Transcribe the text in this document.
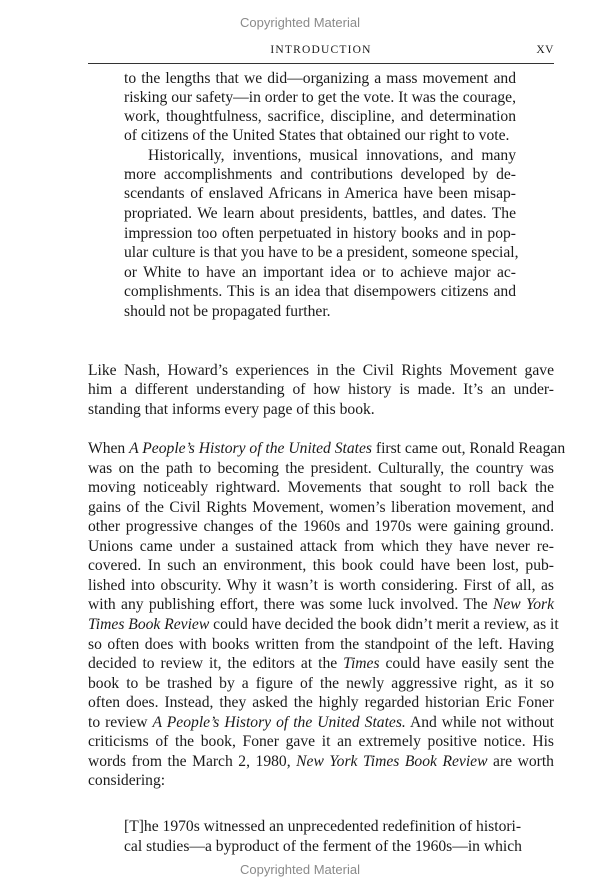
Copyrighted Material
INTRODUCTION	XV
to the lengths that we did—organizing a mass movement and
risking our safety—in order to get the vote. It was the courage,
work, thoughtfulness, sacrifice, discipline, and determination
of citizens of the United States that obtained our right to vote.
Historically, inventions, musical innovations, and many
more accomplishments and contributions developed by de-
scendants of enslaved Africans in America have been misap-
propriated. We learn about presidents, battles, and dates. The
impression too often perpetuated in history books and in pop-
ular culture is that you have to be a president, someone special,
or White to have an important idea or to achieve major ac-
complishments. This is an idea that disempowers citizens and
should not be propagated further.
Like Nash, Howard’s experiences in the Civil Rights Movement gave
him a different understanding of how history is made. It’s an under-
standing that informs every page of this book.
When A People’s History of the United States first came out, Ronald Reagan
was on the path to becoming the president. Culturally, the country was
moving noticeably rightward. Movements that sought to roll back the
gains of the Civil Rights Movement, women’s liberation movement, and
other progressive changes of the 1960s and 1970s were gaining ground.
Unions came under a sustained attack from which they have never re-
covered. In such an environment, this book could have been lost, pub-
lished into obscurity. Why it wasn’t is worth considering. First of all, as
with any publishing effort, there was some luck involved. The New York
Times Book Review could have decided the book didn’t merit a review, as it
so often does with books written from the standpoint of the left. Having
decided to review it, the editors at the Times could have easily sent the
book to be trashed by a figure of the newly aggressive right, as it so
often does. Instead, they asked the highly regarded historian Eric Foner
to review A People’s History of the United States. And while not without
criticisms of the book, Foner gave it an extremely positive notice. His
words from the March 2, 1980, New York Times Book Review are worth
considering:
[T]he 1970s witnessed an unprecedented redefinition of histori-
cal studies—a byproduct of the ferment of the 1960s—in which
Copyrighted Material
